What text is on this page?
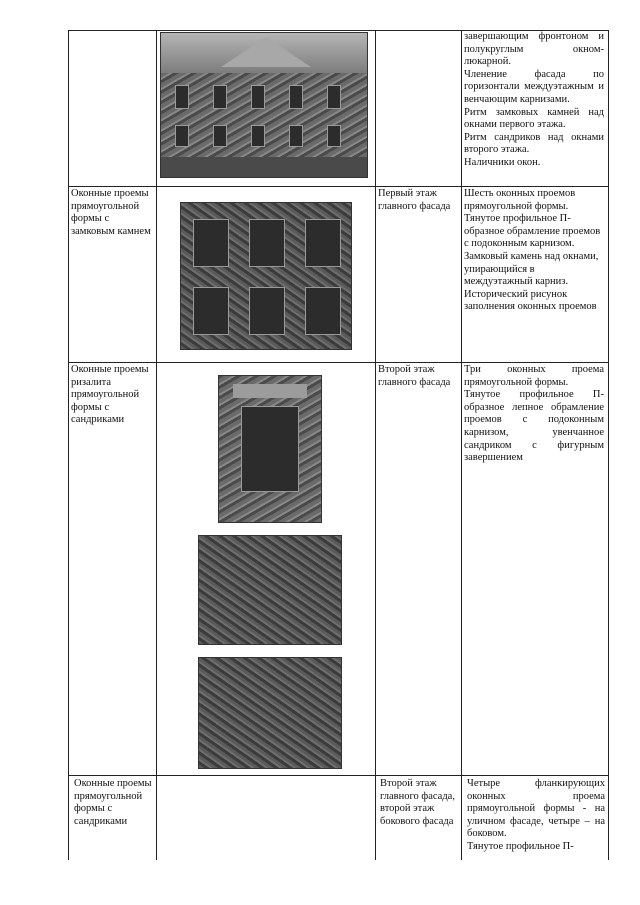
завершающим фронтоном и полукруглым окном-люкарной.
Членение фасада по горизонтали междуэтажным и венчающим карнизами.
Ритм замковых камней над окнами первого этажа.
Ритм сандриков над окнами второго этажа.
Наличники окон.
Оконные проемы прямоугольной формы с замковым камнем
Первый этаж главного фасада
Шесть оконных проемов прямоугольной формы.
Тянутое профильное П-образное обрамление проемов с подоконным карнизом.
Замковый камень над окнами, упирающийся в междуэтажный карниз.
Исторический рисунок заполнения оконных проемов
Оконные проемы ризалита прямоугольной формы с сандриками
Второй этаж главного фасада
Три оконных проема прямоугольной формы.
Тянутое профильное П-образное лепное обрамление проемов с подоконным карнизом, увенчанное сандриком с фигурным завершением
Оконные проемы прямоугольной формы с сандриками
Второй этаж главного фасада, второй этаж бокового фасада
Четыре фланкирующих оконных проема прямоугольной формы - на уличном фасаде, четыре – на боковом.
Тянутое профильное П-
